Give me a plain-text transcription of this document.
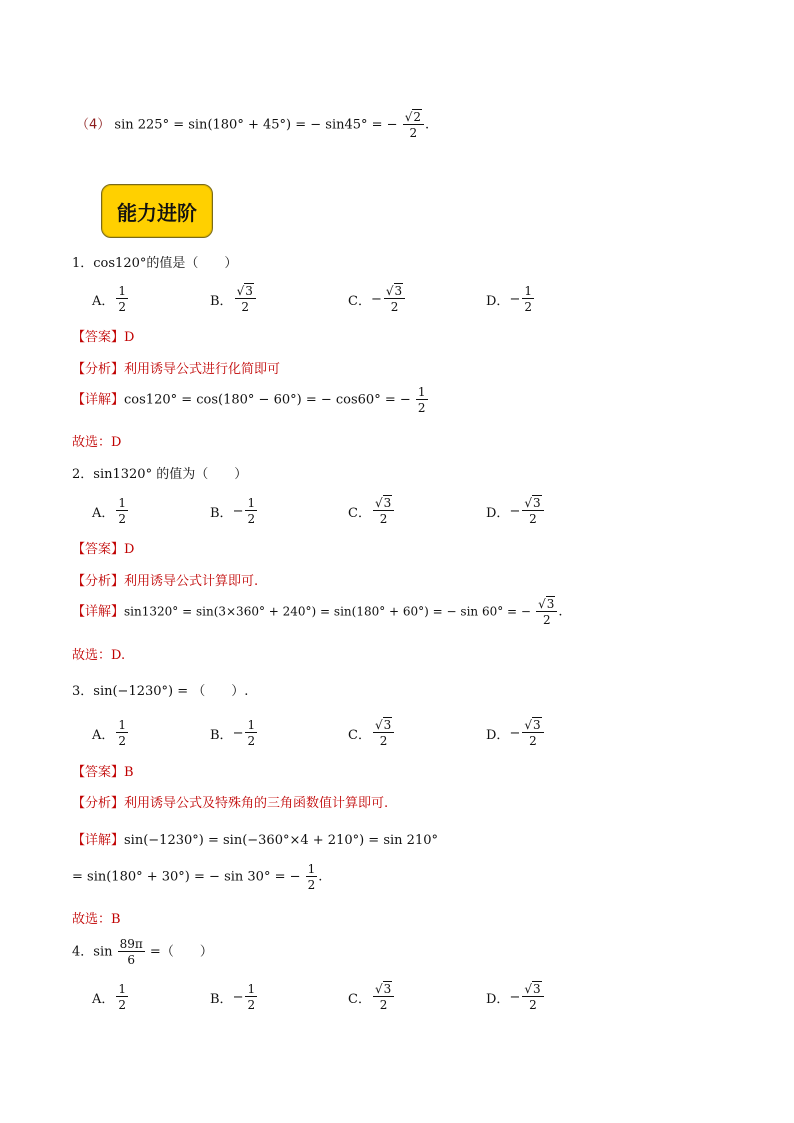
（4） sin 225° = sin(180° + 45°) = − sin45° = − $\frac{√2}{2}$ .
能力进阶
1．cos120°的值是（　　）
A． $\frac{1}{2}$	B． $\frac{√3}{2}$	C． − $\frac{√3}{2}$	D． − $\frac{1}{2}$
【答案】D
【分析】利用诱导公式进行化简即可
【详解】cos120° = cos(180° − 60°) = − cos60° = − $\frac{1}{2}$
故选：D
2．sin1320° 的值为（　　）
A． $\frac{1}{2}$	B． − $\frac{1}{2}$	C． $\frac{√3}{2}$	D． − $\frac{√3}{2}$
【答案】D
【分析】利用诱导公式计算即可.
【详解】sin1320° = sin(3×360° + 240°) = sin(180° + 60°) = − sin 60° = − $\frac{√3}{2}$ .
故选：D.
3．sin(−1230°) = （　　）.
A． $\frac{1}{2}$	B． − $\frac{1}{2}$	C． $\frac{√3}{2}$	D． − $\frac{√3}{2}$
【答案】B
【分析】利用诱导公式及特殊角的三角函数值计算即可.
【详解】sin(−1230°) = sin(−360°×4 + 210°) = sin 210°
= sin(180° + 30°) = − sin 30° = − $\frac{1}{2}$ .
故选：B
4．$\sin \frac{89\pi}{6}$ =（　　）
A． $\frac{1}{2}$	B． − $\frac{1}{2}$	C． $\frac{√3}{2}$	D． − $\frac{√3}{2}$
